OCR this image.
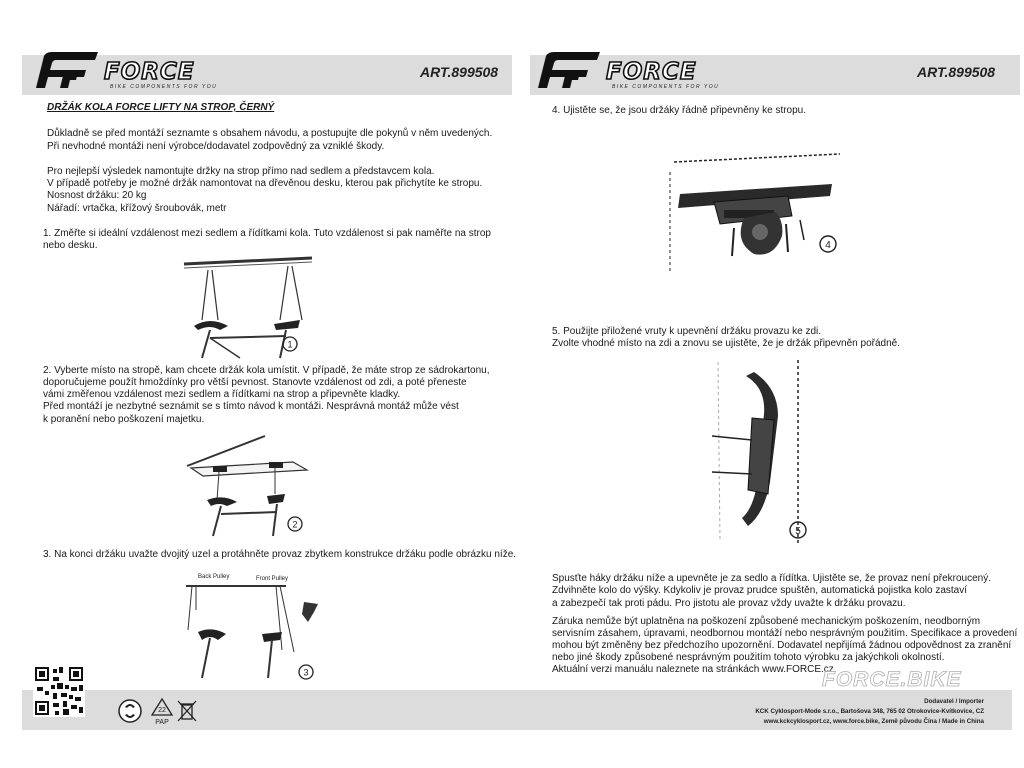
FORCE
BIKE COMPONENTS FOR YOU
ART.899508
DRŽÁK KOLA FORCE LIFTY NA STROP, ČERNÝ
Důkladně se před montáží seznamte s obsahem návodu, a postupujte dle pokynů v něm uvedených.
Při nevhodné montáži není výrobce/dodavatel zodpovědný za vzniklé škody.
Pro nejlepší výsledek namontujte držky na strop přímo nad sedlem a představcem kola.
V případě potřeby je možné držák namontovat na dřevěnou desku, kterou pak přichytíte ke stropu.
Nosnost držáku: 20 kg
Nářadí: vrtačka, křížový šroubovák, metr
1. Změřte si ideální vzdálenost mezi sedlem a řídítkami kola. Tuto vzdálenost si pak naměřte na strop
nebo desku.
1
2. Vyberte místo na stropě, kam chcete držák kola umístit. V případě, že máte strop ze sádrokartonu,
doporučujeme použít hmoždínky pro větší pevnost. Stanovte vzdálenost od zdi, a poté přeneste
vámi změřenou vzdálenost mezi sedlem a řídítkami na strop a připevněte kladky.
Před montáží je nezbytné seznámit se s tímto návod k montáži. Nesprávná montáž může vést
k poranění nebo poškození majetku.
2
3. Na konci držáku uvažte dvojitý uzel a protáhněte provaz zbytkem konstrukce držáku podle obrázku níže.
Back Pulley	Front Pulley
3
FORCE
BIKE COMPONENTS FOR YOU
ART.899508
4. Ujistěte se, že jsou držáky řádně připevněny ke stropu.
4
5. Použijte přiložené vruty k upevnění držáku provazu ke zdi.
Zvolte vhodné místo na zdi a znovu se ujistěte, že je držák připevněn pořádně.
5
Spusťte háky držáku níže a upevněte je za sedlo a řídítka. Ujistěte se, že provaz není překroucený.
Zdvihněte kolo do výšky. Kdykoliv je provaz prudce spuštěn, automatická pojistka kolo zastaví
a zabezpečí tak proti pádu. Pro jistotu ale provaz vždy uvažte k držáku provazu.
Záruka nemůže být uplatněna na poškození způsobené mechanickým poškozením, neodborným
servisním zásahem, úpravami, neodbornou montáží nebo nesprávným použitím. Specifikace a provedení
mohou být změněny bez předchozího upozornění. Dodavatel nepřijímá žádnou odpovědnost za zranění
nebo jiné škody způsobené nesprávným použitím tohoto výrobku za jakýchkoli okolností.
Aktuální verzi manuálu naleznete na stránkách www.FORCE.cz.
FORCE.BIKE
22
PAP
Dodavatel / Importer
KCK Cyklosport-Mode s.r.o., Bartošova 348, 765 02 Otrokovice-Kvítkovice, CZ
www.kckcyklosport.cz, www.force.bike, Země původu Čína / Made in China
